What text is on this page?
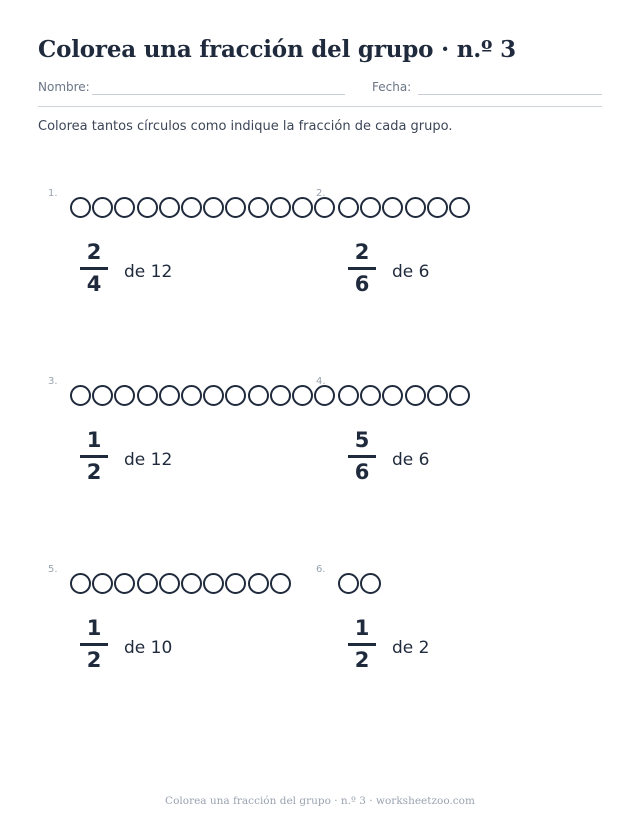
Colorea una fracción del grupo · n.º 3
Nombre:	Fecha:
Colorea tantos círculos como indique la fracción de cada grupo.
1.
2
4 de 12
2.
2
6 de 6
3.
1
2 de 12
4.
5
6 de 6
5.
1
2 de 10
6.
1
2 de 2
Colorea una fracción del grupo · n.º 3 · worksheetzoo.com
